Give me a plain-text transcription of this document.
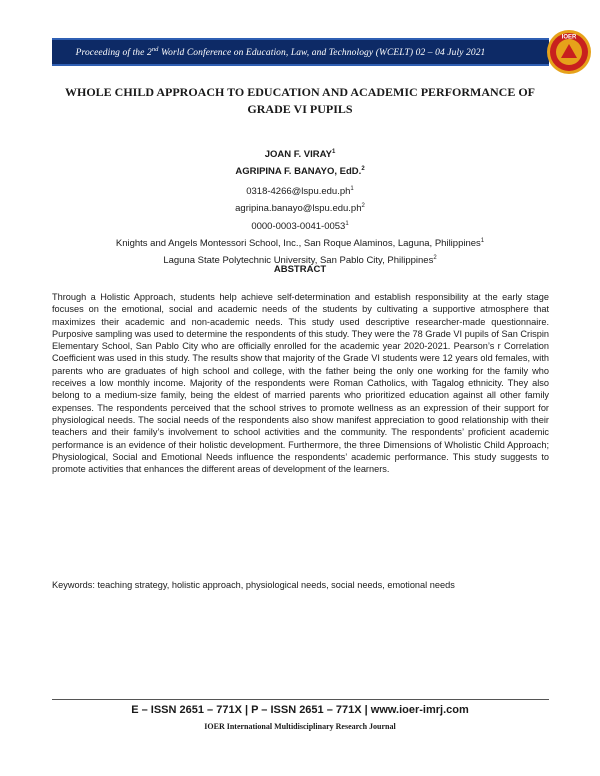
Proceeding of the 2nd World Conference on Education, Law, and Technology (WCELT) 02 – 04 July 2021
IOER
WHOLE CHILD APPROACH TO EDUCATION AND ACADEMIC PERFORMANCE OF
GRADE VI PUPILS
JOAN F. VIRAY$^1$
AGRIPINA F. BANAYO, EdD.$^2$
$0318-4266@lspu.edu.ph^1$
$agripina.banayo@lspu.edu.ph^2$
0000-0003-0041-0053$^1$
Knights and Angels Montessori School, Inc., San Roque Alaminos, Laguna, Philippines$^1$
Laguna State Polytechnic University, San Pablo City, Philippines$^2$
ABSTRACT
Through a Holistic Approach, students help achieve self-determination and establish responsibility at the early stage focuses on the emotional, social and academic needs of the students by cultivating a supportive atmosphere that maximizes their academic and non-academic needs. This study used descriptive researcher-made questionnaire. Purposive sampling was used to determine the respondents of this study. They were the 78 Grade VI pupils of San Crispin Elementary School, San Pablo City who are officially enrolled for the academic year 2020-2021. Pearson’s r Correlation Coefficient was used in this study. The results show that majority of the Grade VI students were 12 years old females, with parents who are graduates of high school and college, with the father being the only one working for the family who receives a low monthly income. Majority of the respondents were Roman Catholics, with Tagalog ethnicity. They also belong to a medium-size family, being the eldest of married parents who prioritized education against all other family expenses. The respondents perceived that the school strives to promote wellness as an expression of their support for physiological needs. The social needs of the respondents also show manifest appreciation to good relationship with their teachers and their family’s involvement to school activities and the community. The respondents’ proficient academic performance is an evidence of their holistic development. Furthermore, the three Dimensions of Wholistic Child Approach; Physiological, Social and Emotional Needs influence the respondents’ academic performance. This study suggests to promote activities that enhances the different areas of development of the learners.
Keywords: teaching strategy, holistic approach, physiological needs, social needs, emotional needs
E – ISSN 2651 – 771X | P – ISSN 2651 – 771X | www.ioer-imrj.com
IOER International Multidisciplinary Research Journal
